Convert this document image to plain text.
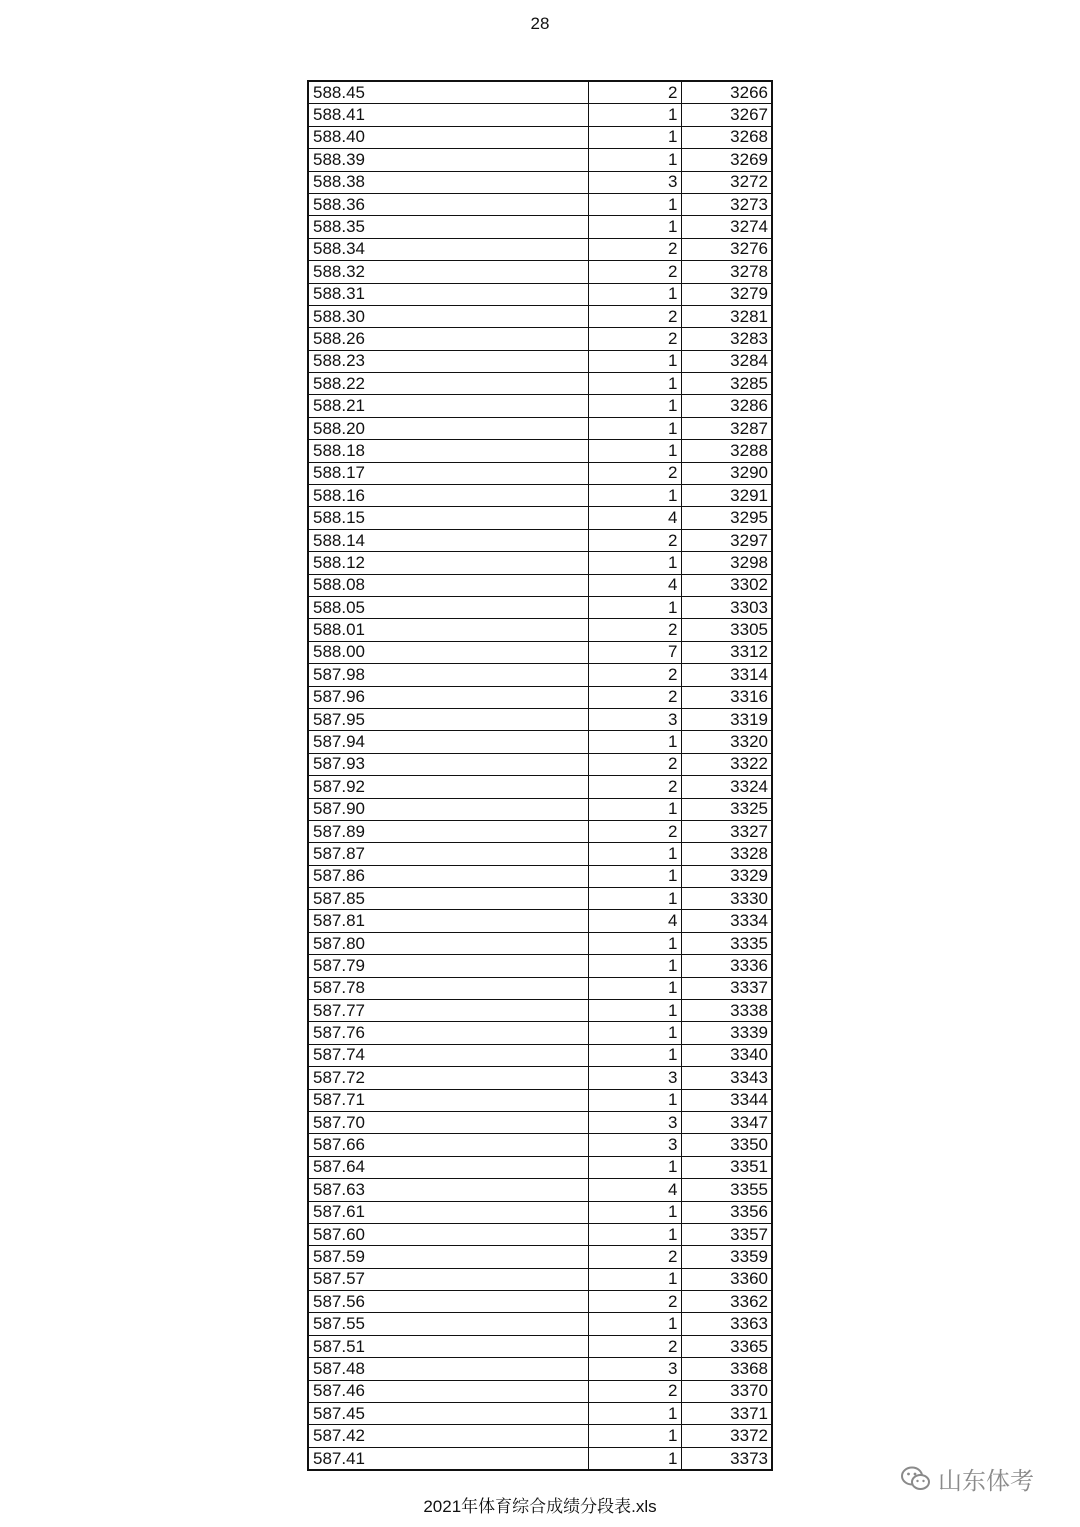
28
588.45	2	3266
588.41	1	3267
588.40	1	3268
588.39	1	3269
588.38	3	3272
588.36	1	3273
588.35	1	3274
588.34	2	3276
588.32	2	3278
588.31	1	3279
588.30	2	3281
588.26	2	3283
588.23	1	3284
588.22	1	3285
588.21	1	3286
588.20	1	3287
588.18	1	3288
588.17	2	3290
588.16	1	3291
588.15	4	3295
588.14	2	3297
588.12	1	3298
588.08	4	3302
588.05	1	3303
588.01	2	3305
588.00	7	3312
587.98	2	3314
587.96	2	3316
587.95	3	3319
587.94	1	3320
587.93	2	3322
587.92	2	3324
587.90	1	3325
587.89	2	3327
587.87	1	3328
587.86	1	3329
587.85	1	3330
587.81	4	3334
587.80	1	3335
587.79	1	3336
587.78	1	3337
587.77	1	3338
587.76	1	3339
587.74	1	3340
587.72	3	3343
587.71	1	3344
587.70	3	3347
587.66	3	3350
587.64	1	3351
587.63	4	3355
587.61	1	3356
587.60	1	3357
587.59	2	3359
587.57	1	3360
587.56	2	3362
587.55	1	3363
587.51	2	3365
587.48	3	3368
587.46	2	3370
587.45	1	3371
587.42	1	3372
587.41	1	3373
2021年体育综合成绩分段表.xls
山东体考
